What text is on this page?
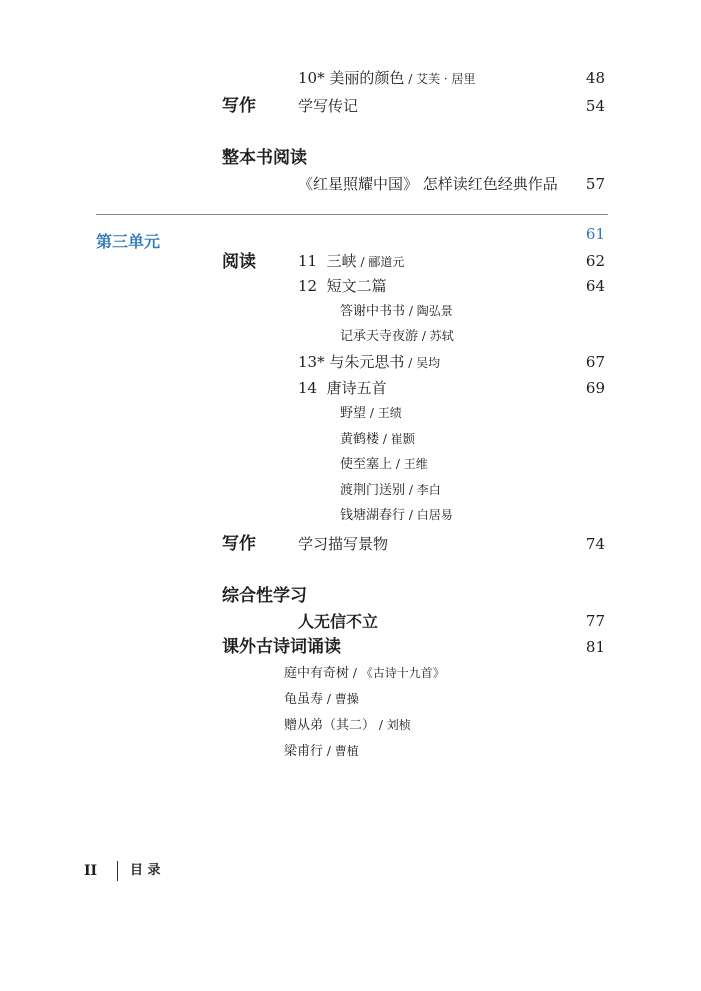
10* 美丽的颜色 / 艾芙 · 居里	48
写作	学写传记	54
整本书阅读
《红星照耀中国》 怎样读红色经典作品	57
第三单元	61
阅读	11 三峡 / 郦道元	62
12 短文二篇	64
答谢中书书 / 陶弘景
记承天寺夜游 / 苏轼
13* 与朱元思书 / 吴均	67
14 唐诗五首	69
野望 / 王绩
黄鹤楼 / 崔颢
使至塞上 / 王维
渡荆门送别 / 李白
钱塘湖春行 / 白居易
写作	学习描写景物	74
综合性学习
人无信不立	77
课外古诗词诵读	81
庭中有奇树 / 《古诗十九首》
龟虽寿 / 曹操
赠从弟（其二） / 刘桢
梁甫行 / 曹植
II	目 录
